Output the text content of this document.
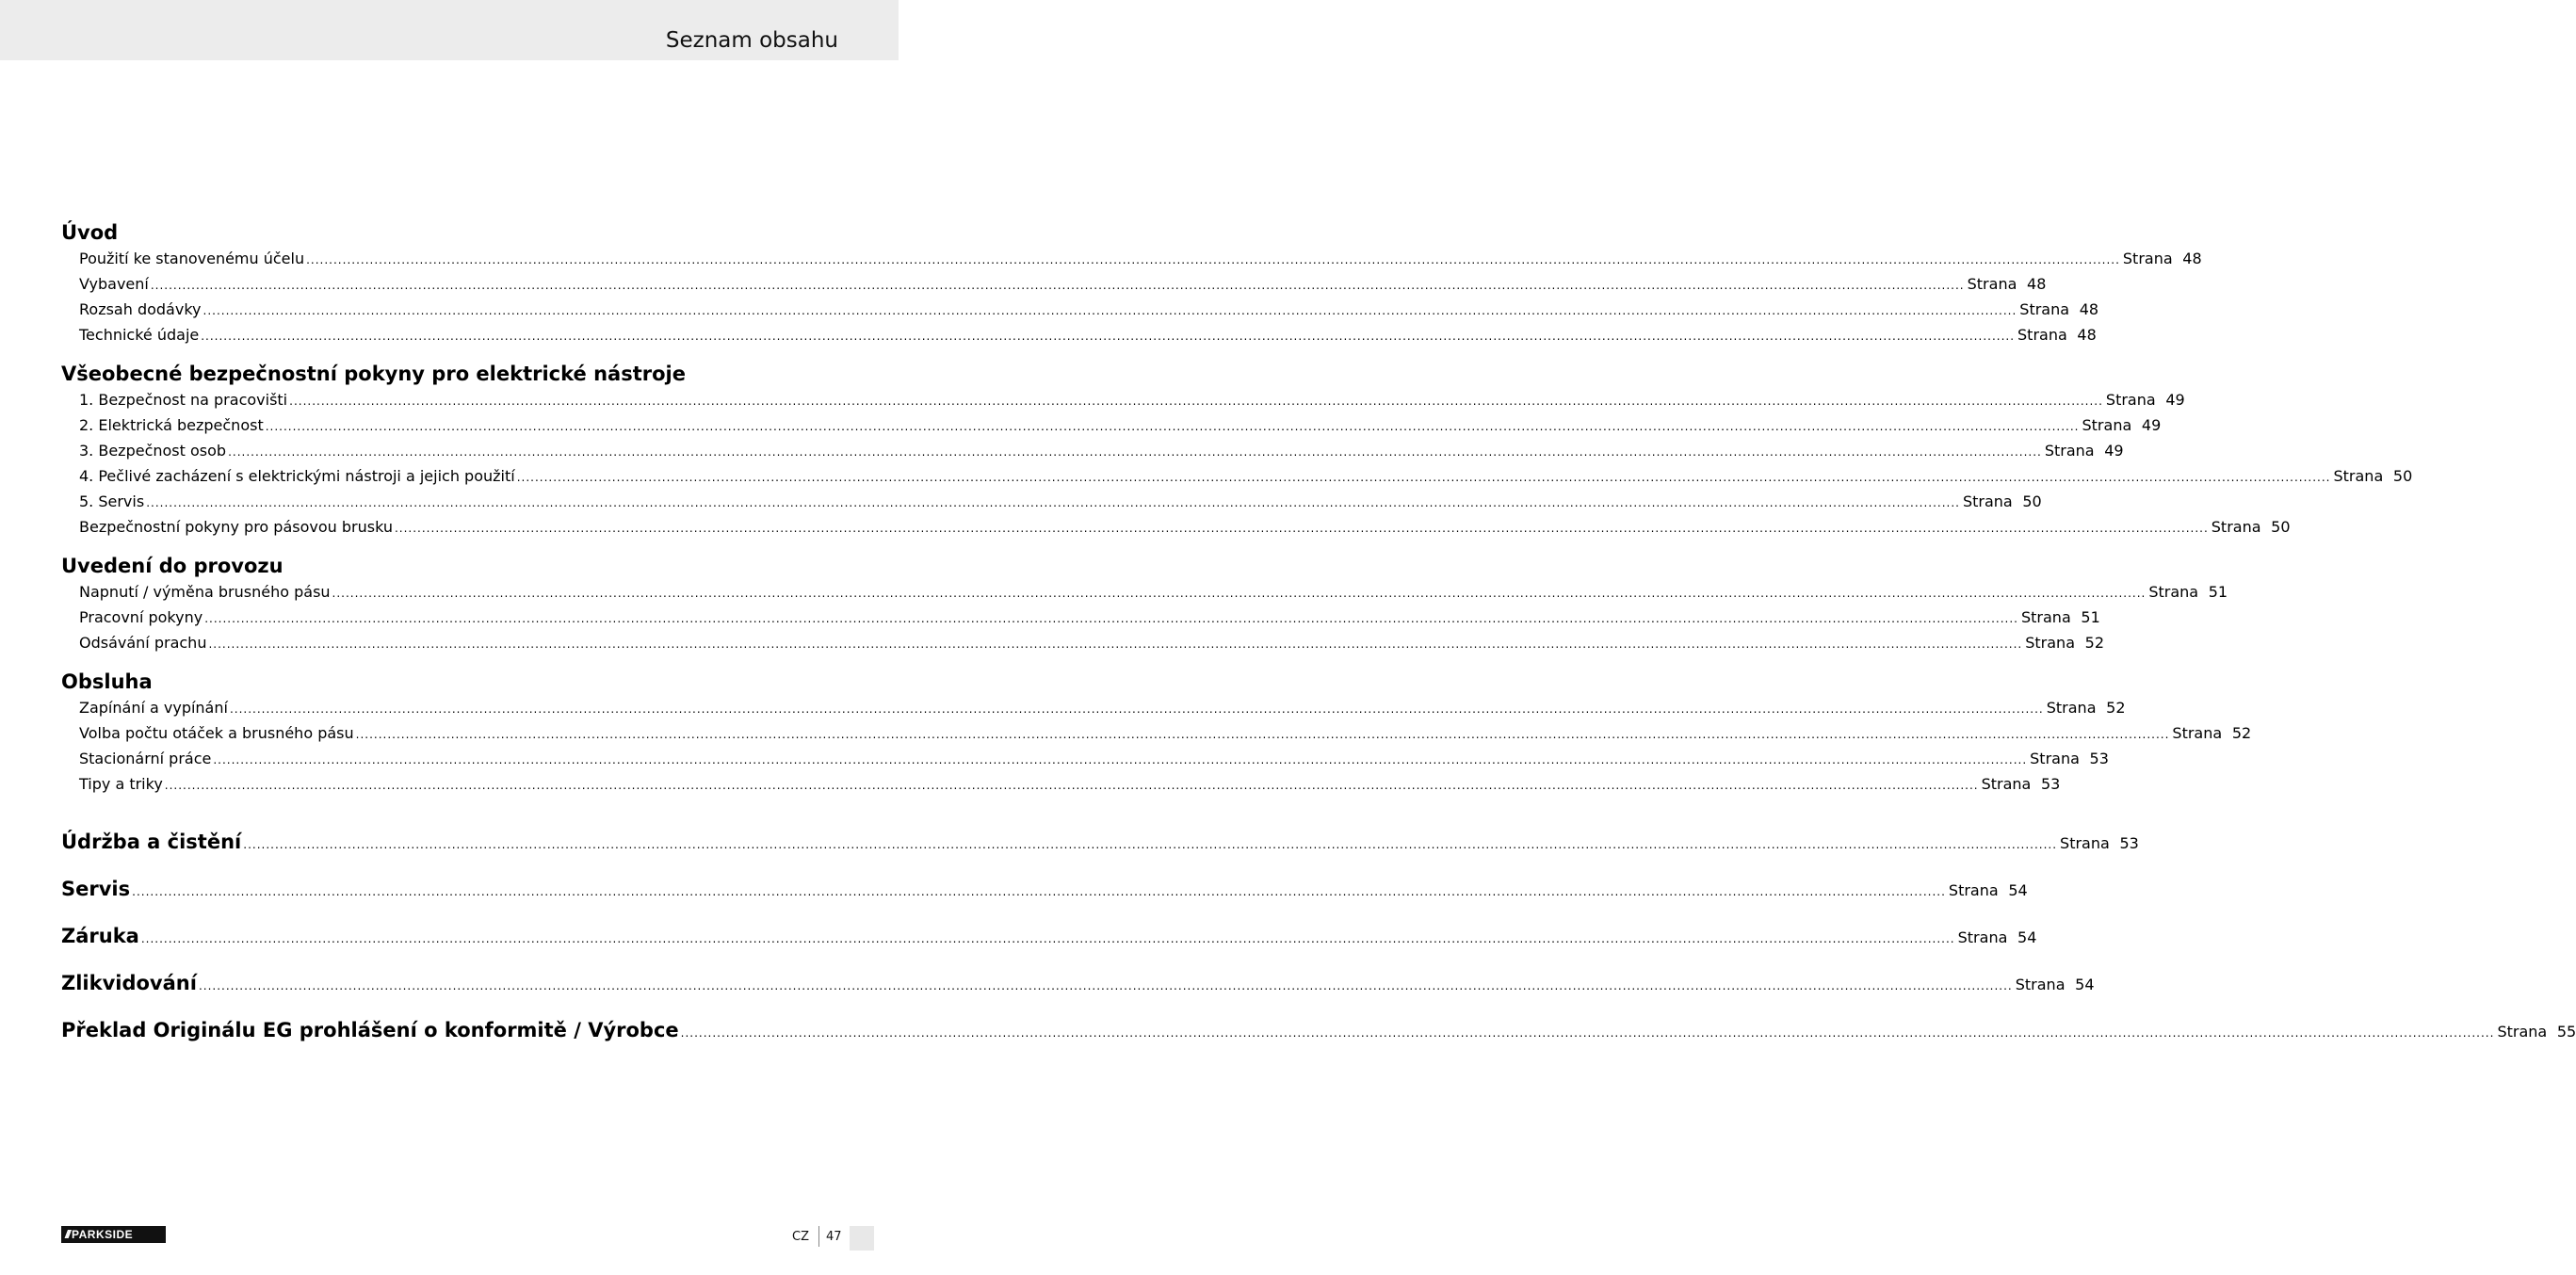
Seznam obsahu
Úvod
Použití ke stanovenému účelu ................................................................................................................................................................................................................................................................................................................................................................................................................ Strana 48
Vybavení ................................................................................................................................................................................................................................................................................................................................................................................................................ Strana 48
Rozsah dodávky ................................................................................................................................................................................................................................................................................................................................................................................................................ Strana 48
Technické údaje ................................................................................................................................................................................................................................................................................................................................................................................................................ Strana 48
Všeobecné bezpečnostní pokyny pro elektrické nástroje
1. Bezpečnost na pracovišti ................................................................................................................................................................................................................................................................................................................................................................................................................ Strana 49
2. Elektrická bezpečnost ................................................................................................................................................................................................................................................................................................................................................................................................................ Strana 49
3. Bezpečnost osob ................................................................................................................................................................................................................................................................................................................................................................................................................ Strana 49
4. Pečlivé zacházení s elektrickými nástroji a jejich použití ................................................................................................................................................................................................................................................................................................................................................................................................................ Strana 50
5. Servis ................................................................................................................................................................................................................................................................................................................................................................................................................ Strana 50
Bezpečnostní pokyny pro pásovou brusku ................................................................................................................................................................................................................................................................................................................................................................................................................ Strana 50
Uvedení do provozu
Napnutí / výměna brusného pásu ................................................................................................................................................................................................................................................................................................................................................................................................................ Strana 51
Pracovní pokyny ................................................................................................................................................................................................................................................................................................................................................................................................................ Strana 51
Odsávání prachu ................................................................................................................................................................................................................................................................................................................................................................................................................ Strana 52
Obsluha
Zapínání a vypínání ................................................................................................................................................................................................................................................................................................................................................................................................................ Strana 52
Volba počtu otáček a brusného pásu ................................................................................................................................................................................................................................................................................................................................................................................................................ Strana 52
Stacionární práce ................................................................................................................................................................................................................................................................................................................................................................................................................ Strana 53
Tipy a triky ................................................................................................................................................................................................................................................................................................................................................................................................................ Strana 53
Údržba a čistění ................................................................................................................................................................................................................................................................................................................................................................................................................ Strana 53
Servis ................................................................................................................................................................................................................................................................................................................................................................................................................ Strana 54
Záruka ................................................................................................................................................................................................................................................................................................................................................................................................................ Strana 54
Zlikvidování ................................................................................................................................................................................................................................................................................................................................................................................................................ Strana 54
Překlad Originálu EG prohlášení o konformitě / Výrobce ................................................................................................................................................................................................................................................................................................................................................................................................................ Strana 55
/// PARKSIDE	CZ 47
